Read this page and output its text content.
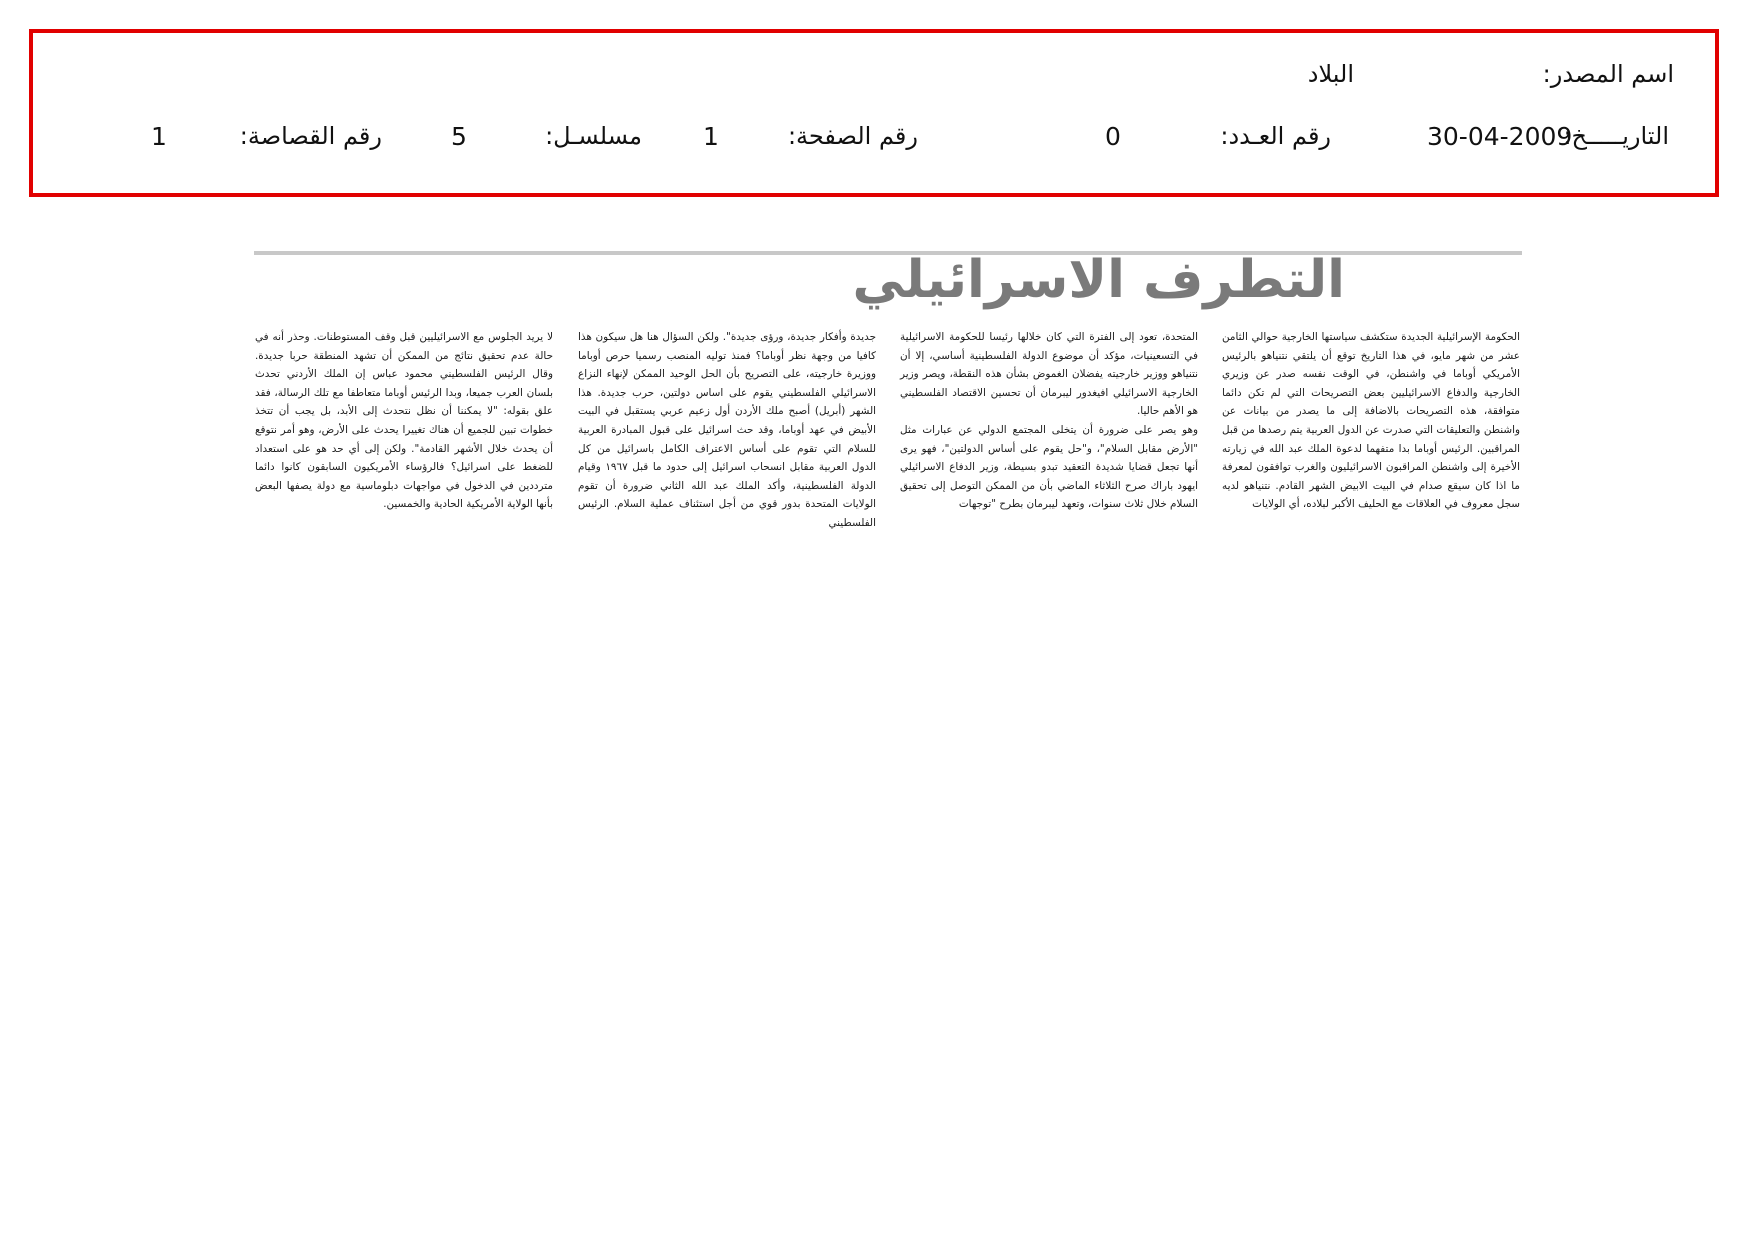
اسم المصدر:
البلاد
التاريـــــخ:
30-04-2009
رقم العـدد:
0
رقم الصفحة:
1
مسلسـل:
5
رقم القصاصة:
1
التطرف الاسرائيلي

الحكومة الإسرائيلية الجديدة ستكشف سياستها الخارجية حوالي الثامن عشر من شهر مايو، في هذا التاريخ توقع أن يلتقي نتنياهو بالرئيس الأمريكي أوباما في واشنطن، في الوقت نفسه صدر عن وزيري الخارجية والدفاع الاسرائيليين بعض التصريحات التي لم تكن دائما متوافقة، هذه التصريحات بالاضافة إلى ما يصدر من بيانات عن واشنطن والتعليقات التي صدرت عن الدول العربية يتم رصدها من قبل المراقبين. الرئيس أوباما بدا متفهما لدعوة الملك عبد الله في زيارته الأخيرة إلى واشنطن المراقبون الاسرائيليون والغرب توافقون لمعرفة ما اذا كان سيقع صدام في البيت الابيض الشهر القادم. نتنياهو لديه سجل معروف في العلاقات مع الحليف الأكبر لبلاده، أي الولايات

المتحدة، تعود إلى الفترة التي كان خلالها رئيسا للحكومة الاسرائيلية في التسعينيات، مؤكد أن موضوع الدولة الفلسطينية أساسي، إلا أن نتنياهو ووزير خارجيته يفضلان الغموض بشأن هذه النقطة، ويصر وزير الخارجية الاسرائيلي افيغدور ليبرمان أن تحسين الاقتصاد الفلسطيني هو الأهم حاليا.

وهو يصر على ضرورة أن يتخلى المجتمع الدولي عن عبارات مثل "الأرض مقابل السلام"، و"حل يقوم على أساس الدولتين"، فهو يرى أنها تجعل قضايا شديدة التعقيد تبدو بسيطة، وزير الدفاع الاسرائيلي ايهود باراك صرح الثلاثاء الماضي بأن من الممكن التوصل إلى تحقيق السلام خلال ثلاث سنوات، وتعهد ليبرمان بطرح "توجهات

جديدة وأفكار جديدة، ورؤى جديدة". ولكن السؤال هنا هل سيكون هذا كافيا من وجهة نظر أوباما؟ فمنذ توليه المنصب رسميا حرص أوباما ووزيرة خارجيته، على التصريح بأن الحل الوحيد الممكن لإنهاء النزاع الاسرائيلي الفلسطيني يقوم على اساس دولتين، حرب جديدة. هذا الشهر (أبريل) أصبح ملك الأردن أول زعيم عربي يستقبل في البيت الأبيض في عهد أوباما، وقد حث اسرائيل على قبول المبادرة العربية للسلام التي تقوم على أساس الاعتراف الكامل باسرائيل من كل الدول العربية مقابل انسحاب اسرائيل إلى حدود ما قبل ١٩٦٧ وقيام الدولة الفلسطينية، وأكد الملك عبد الله الثاني ضرورة أن تقوم الولايات المتحدة بدور قوي من أجل استئناف عملية السلام. الرئيس الفلسطيني

لا يريد الجلوس مع الاسرائيليين قبل وقف المستوطنات. وحذر أنه في حالة عدم تحقيق نتائج من الممكن أن تشهد المنطقة حربا جديدة. وقال الرئيس الفلسطيني محمود عباس إن الملك الأردني تحدث بلسان العرب جميعا، وبدا الرئيس أوباما متعاطفا مع تلك الرسالة، فقد علق بقوله: "لا يمكننا أن نظل نتحدث إلى الأبد، بل يجب أن تتخذ خطوات تبين للجميع أن هناك تغييرا يحدث على الأرض، وهو أمر نتوقع أن يحدث خلال الأشهر القادمة". ولكن إلى أي حد هو على استعداد للضغط على اسرائيل؟ فالرؤساء الأمريكيون السابقون كانوا دائما مترددين في الدخول في مواجهات دبلوماسية مع دولة يصفها البعض بأنها الولاية الأمريكية الحادية والخمسين.
